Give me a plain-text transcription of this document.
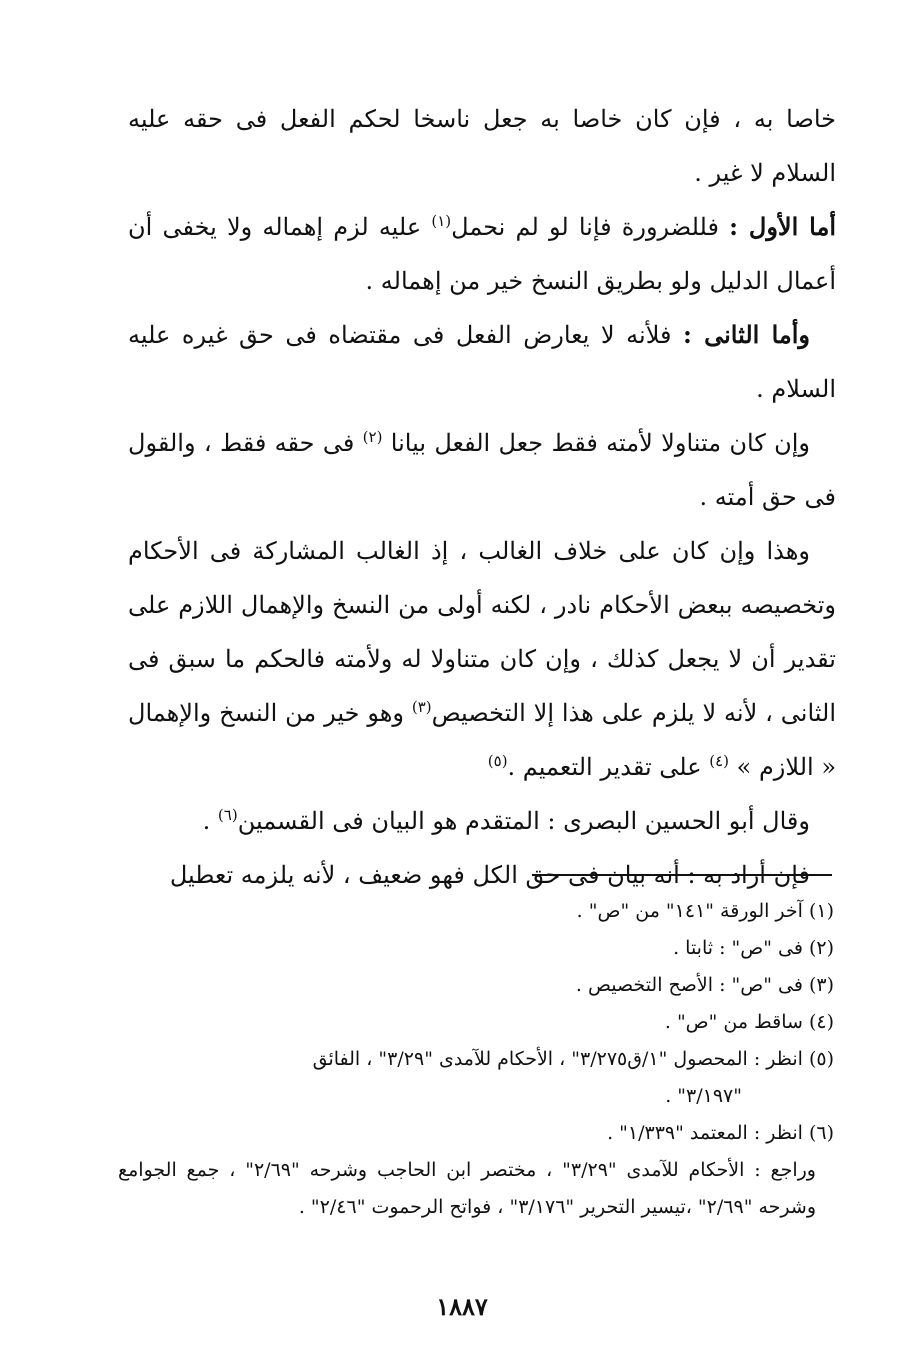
خاصا به ، فإن كان خاصا به جعل ناسخا لحكم الفعل فى حقه عليه السلام لا غير .

أما الأول : فللضرورة فإنا لو لم نحمل$^{(١)}$ عليه لزم إهماله ولا يخفى أن أعمال الدليل ولو بطريق النسخ خير من إهماله .

وأما الثانى : فلأنه لا يعارض الفعل فى مقتضاه فى حق غيره عليه السلام .

وإن كان متناولا لأمته فقط جعل الفعل بيانا $^{(٢)}$ فى حقه فقط ، والقول فى حق أمته .

وهذا وإن كان على خلاف الغالب ، إذ الغالب المشاركة فى الأحكام وتخصيصه ببعض الأحكام نادر ، لكنه أولى من النسخ والإهمال اللازم على تقدير أن لا يجعل كذلك ، وإن كان متناولا له ولأمته فالحكم ما سبق فى الثانى ، لأنه لا يلزم على هذا إلا التخصيص$^{(٣)}$ وهو خير من النسخ والإهمال « اللازم » $^{(٤)}$ على تقدير التعميم .$^{(٥)}$

وقال أبو الحسين البصرى : المتقدم هو البيان فى القسمين$^{(٦)}$ .

فإن أراد به : أنه بيان فى حق الكل فهو ضعيف ، لأنه يلزمه تعطيل

(١)آخر الورقة "١٤١" من "ص" .

(٢)فى "ص" : ثابتا .

(٣)فى "ص" : الأصح التخصيص .

(٤)ساقط من "ص" .

(٥)انظر : المحصول "١/ق٣/٢٧٥" ، الأحكام للآمدى "٣/٢٩" ، الفائق
"٣/١٩٧" .

(٦)انظر : المعتمد "١/٣٣٩" .

وراجع : الأحكام للآمدى "٣/٢٩" ، مختصر ابن الحاجب وشرحه "٢/٦٩" ، جمع الجوامع وشرحه "٢/٦٩" ،تيسير التحرير "٣/١٧٦" ، فواتح الرحموت "٢/٤٦" .

١٨٨٧
